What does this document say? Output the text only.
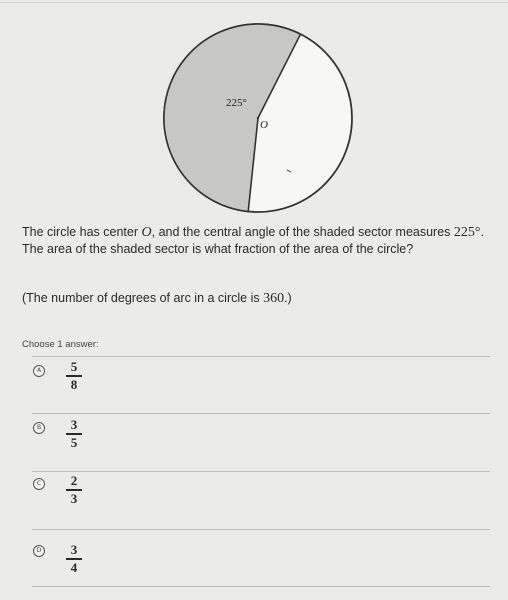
225°
O
The circle has center O, and the central angle of the shaded sector measures 225°. The area of the shaded sector is what fraction of the area of the circle?
(The number of degrees of arc in a circle is 360.)
Choose 1 answer:
A	5
8
B	3
5
C	2
3
D	3
4
